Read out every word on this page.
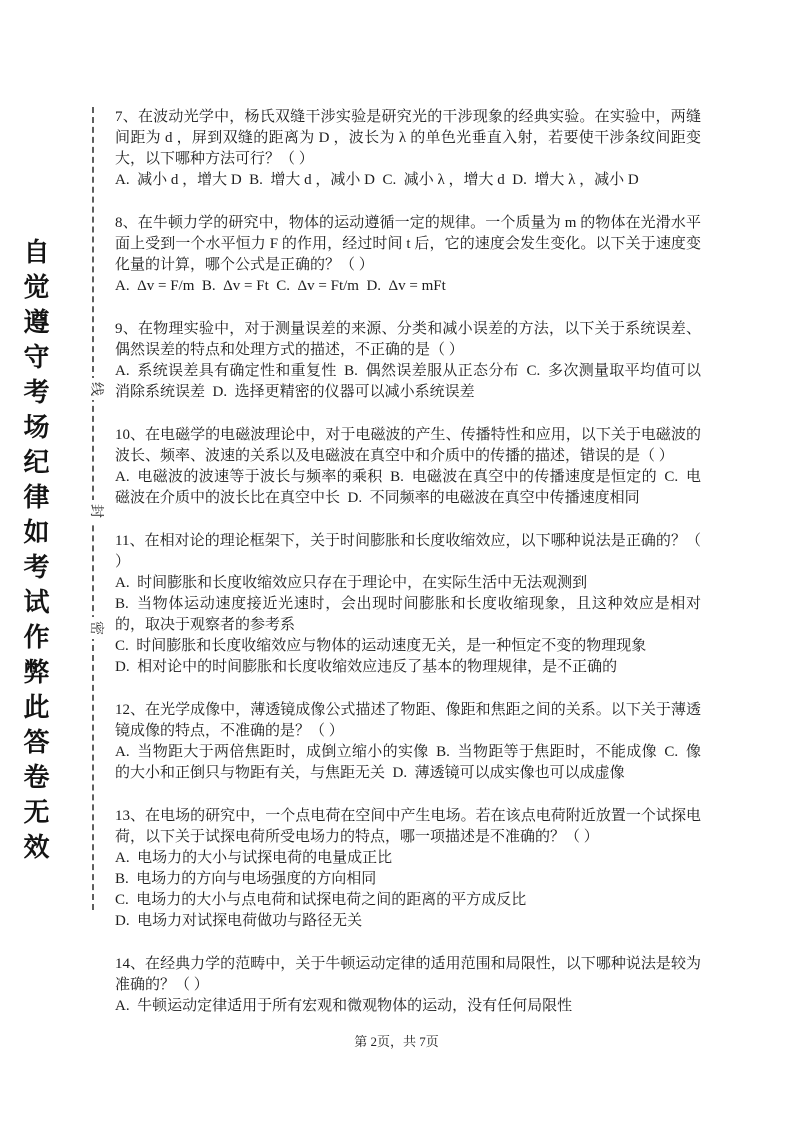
自觉遵守考场纪律如考试作弊此答卷无效	线
封
密

7、在波动光学中，杨氏双缝干涉实验是研究光的干涉现象的经典实验。在实验中，两缝间距为 d ，屏到双缝的距离为 D ，波长为 λ 的单色光垂直入射，若要使干涉条纹间距变大，以下哪种方法可行？（ ）

A. 减小 d ，增大 D B. 增大 d ，减小 D C. 减小 λ ，增大 d D. 增大 λ ，减小 D

8、在牛顿力学的研究中，物体的运动遵循一定的规律。一个质量为 m 的物体在光滑水平面上受到一个水平恒力 F 的作用，经过时间 t 后，它的速度会发生变化。以下关于速度变化量的计算，哪个公式是正确的？（ ）

A. Δv = F/m B. Δv = Ft C. Δv = Ft/m D. Δv = mFt

9、在物理实验中，对于测量误差的来源、分类和减小误差的方法，以下关于系统误差、偶然误差的特点和处理方式的描述，不正确的是（ ）

A. 系统误差具有确定性和重复性 B. 偶然误差服从正态分布 C. 多次测量取平均值可以消除系统误差 D. 选择更精密的仪器可以减小系统误差

10、在电磁学的电磁波理论中，对于电磁波的产生、传播特性和应用，以下关于电磁波的波长、频率、波速的关系以及电磁波在真空中和介质中的传播的描述，错误的是（ ）

A. 电磁波的波速等于波长与频率的乘积 B. 电磁波在真空中的传播速度是恒定的 C. 电磁波在介质中的波长比在真空中长 D. 不同频率的电磁波在真空中传播速度相同

11、在相对论的理论框架下，关于时间膨胀和长度收缩效应，以下哪种说法是正确的？（ ）

A. 时间膨胀和长度收缩效应只存在于理论中，在实际生活中无法观测到

B. 当物体运动速度接近光速时，会出现时间膨胀和长度收缩现象，且这种效应是相对的，取决于观察者的参考系

C. 时间膨胀和长度收缩效应与物体的运动速度无关，是一种恒定不变的物理现象

D. 相对论中的时间膨胀和长度收缩效应违反了基本的物理规律，是不正确的

12、在光学成像中，薄透镜成像公式描述了物距、像距和焦距之间的关系。以下关于薄透镜成像的特点，不准确的是？（ ）

A. 当物距大于两倍焦距时，成倒立缩小的实像 B. 当物距等于焦距时，不能成像 C. 像的大小和正倒只与物距有关，与焦距无关 D. 薄透镜可以成实像也可以成虚像

13、在电场的研究中，一个点电荷在空间中产生电场。若在该点电荷附近放置一个试探电荷，以下关于试探电荷所受电场力的特点，哪一项描述是不准确的？（ ）

A. 电场力的大小与试探电荷的电量成正比

B. 电场力的方向与电场强度的方向相同

C. 电场力的大小与点电荷和试探电荷之间的距离的平方成反比

D. 电场力对试探电荷做功与路径无关

14、在经典力学的范畴中，关于牛顿运动定律的适用范围和局限性，以下哪种说法是较为准确的？（ ）

A. 牛顿运动定律适用于所有宏观和微观物体的运动，没有任何局限性

第 2页，共 7页
